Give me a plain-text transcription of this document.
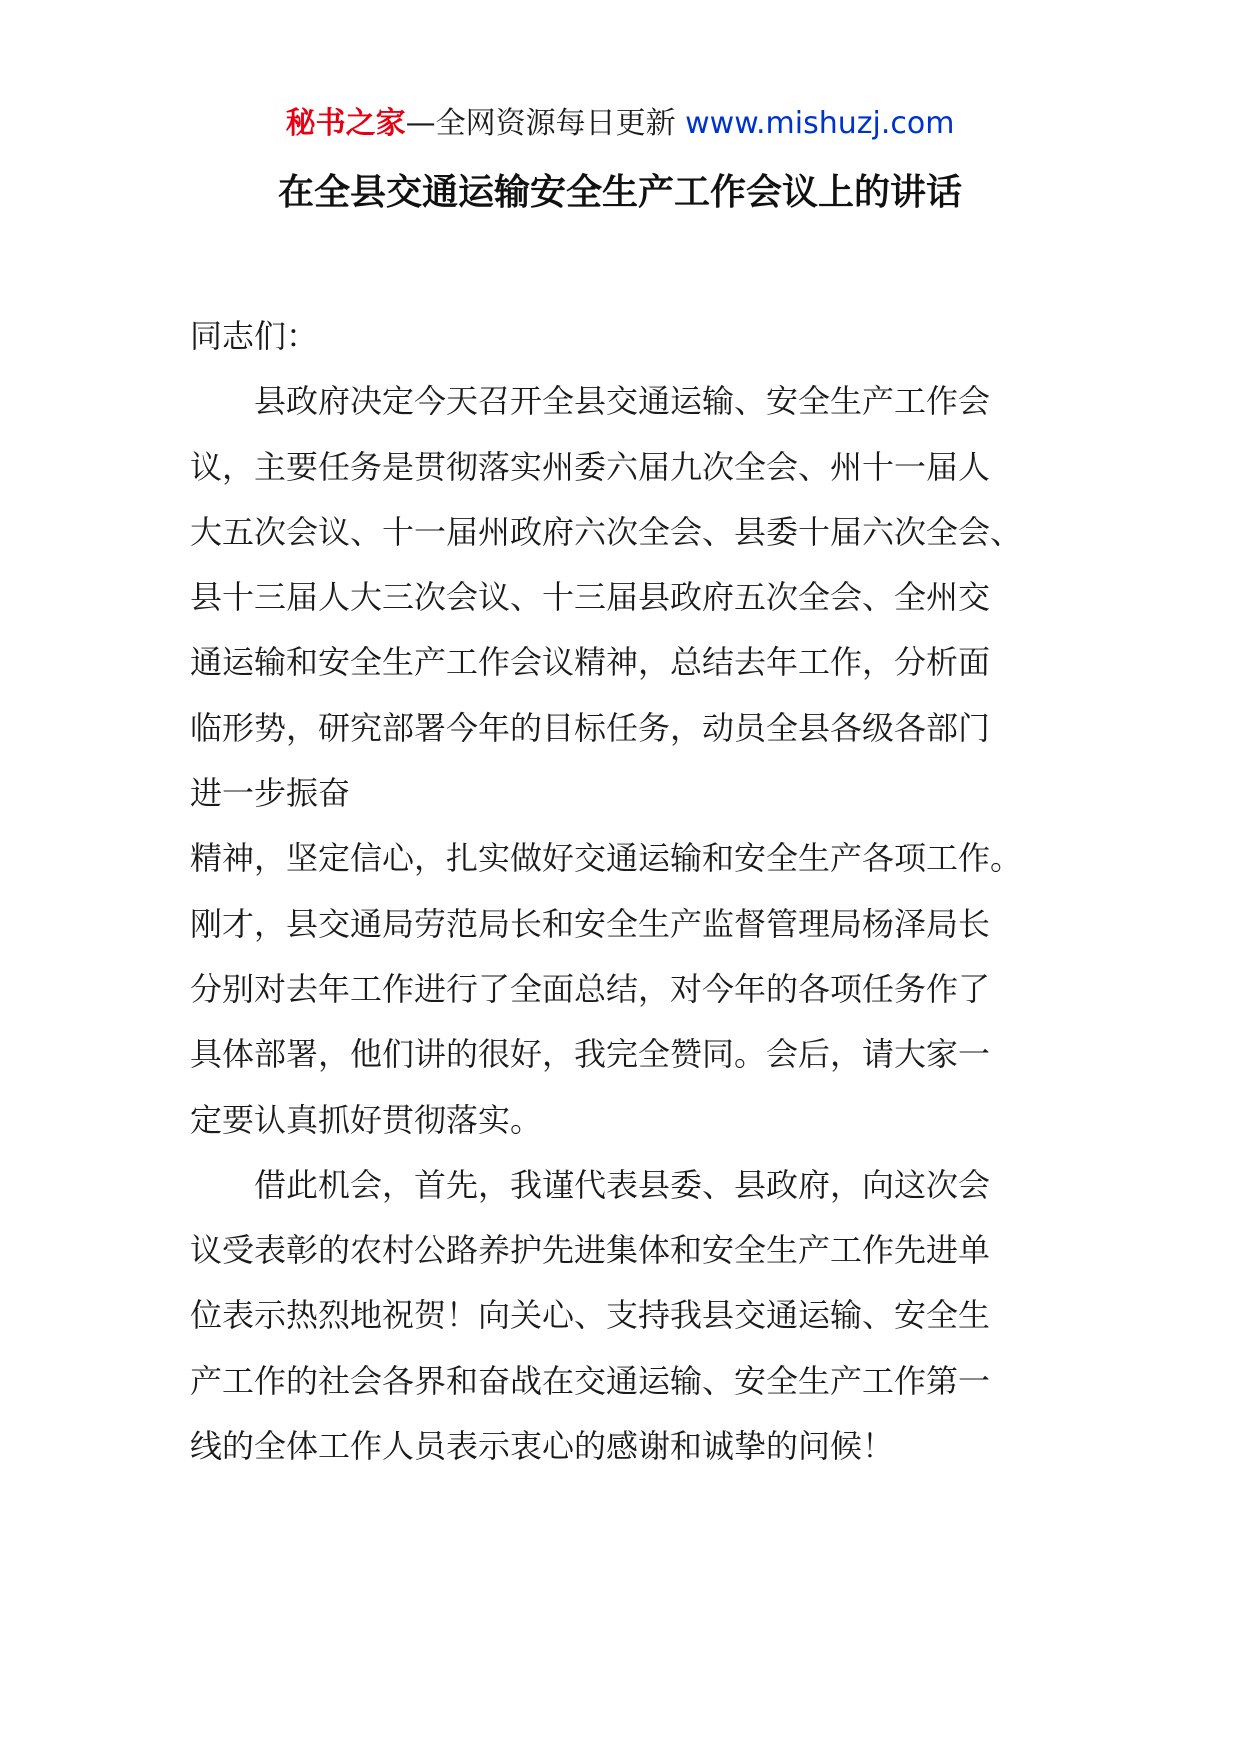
秘书之家—全网资源每日更新 www.mishuzj.com
在全县交通运输安全生产工作会议上的讲话

同志们：

县政府决定今天召开全县交通运输、安全生产工作会

议，主要任务是贯彻落实州委六届九次全会、州十一届人

大五次会议、十一届州政府六次全会、县委十届六次全会、

县十三届人大三次会议、十三届县政府五次全会、全州交

通运输和安全生产工作会议精神，总结去年工作，分析面

临形势，研究部署今年的目标任务，动员全县各级各部门

进一步振奋

精神，坚定信心，扎实做好交通运输和安全生产各项工作。

刚才，县交通局劳范局长和安全生产监督管理局杨泽局长

分别对去年工作进行了全面总结，对今年的各项任务作了

具体部署，他们讲的很好，我完全赞同。会后，请大家一

定要认真抓好贯彻落实。

借此机会，首先，我谨代表县委、县政府，向这次会

议受表彰的农村公路养护先进集体和安全生产工作先进单

位表示热烈地祝贺！向关心、支持我县交通运输、安全生

产工作的社会各界和奋战在交通运输、安全生产工作第一

线的全体工作人员表示衷心的感谢和诚挚的问候！
